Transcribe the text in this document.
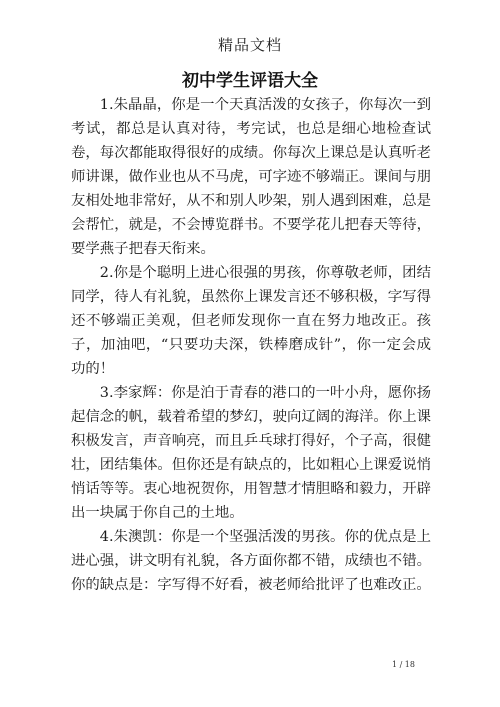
精品文档
初中学生评语大全

1.朱晶晶，你是一个天真活泼的女孩子，你每次一到考试，都总是认真对待，考完试，也总是细心地检查试卷，每次都能取得很好的成绩。你每次上课总是认真听老师讲课，做作业也从不马虎，可字迹不够端正。课间与朋友相处地非常好，从不和别人吵架，别人遇到困难，总是会帮忙，就是，不会博览群书。不要学花儿把春天等待，要学燕子把春天衔来。

2.你是个聪明上进心很强的男孩，你尊敬老师，团结同学，待人有礼貌，虽然你上课发言还不够积极，字写得还不够端正美观，但老师发现你一直在努力地改正。孩子，加油吧，“只要功夫深，铁棒磨成针”，你一定会成功的！

3.李家辉：你是泊于青春的港口的一叶小舟，愿你扬起信念的帆，载着希望的梦幻，驶向辽阔的海洋。你上课积极发言，声音响亮，而且乒乓球打得好，个子高，很健壮，团结集体。但你还是有缺点的，比如粗心上课爱说悄悄话等等。衷心地祝贺你，用智慧才情胆略和毅力，开辟出一块属于你自己的土地。

4.朱澳凯：你是一个坚强活泼的男孩。你的优点是上进心强，讲文明有礼貌，各方面你都不错，成绩也不错。你的缺点是：字写得不好看，被老师给批评了也难改正。

1 / 18
